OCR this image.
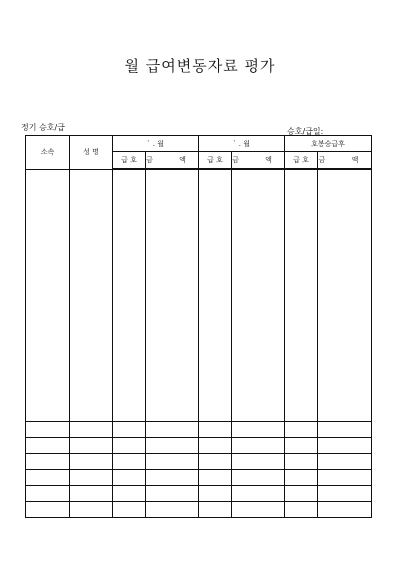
월 급여변동자료 평가
정기 승호/급	승호/급일:
소속	성 명	` . 월		` . 월		호봉승급후	
		급 호	금 액	급 호	금 액	급 호	금 액
